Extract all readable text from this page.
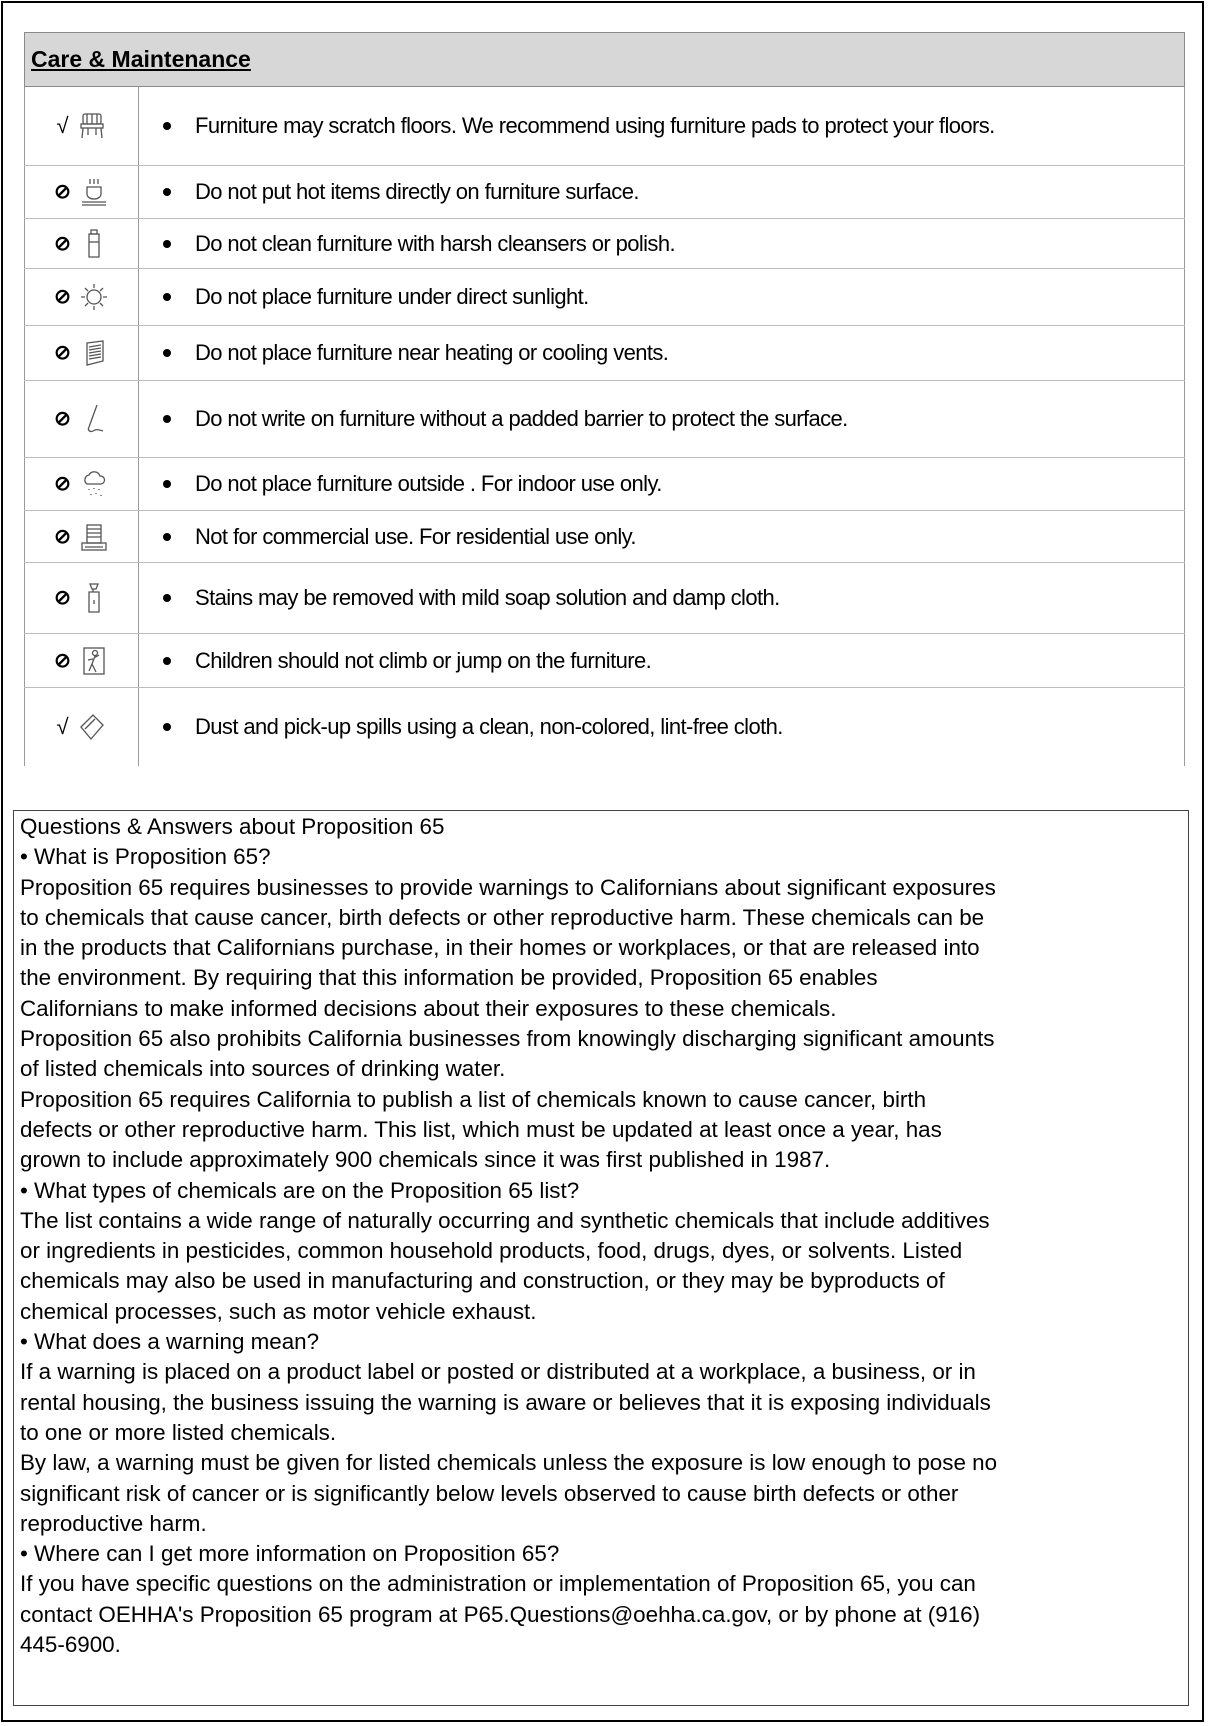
Care & Maintenance
√	Furniture may scratch floors. We recommend using furniture pads to protect your floors.
⊘	Do not put hot items directly on furniture surface.
⊘	Do not clean furniture with harsh cleansers or polish.
⊘	Do not place furniture under direct sunlight.
⊘	Do not place furniture near heating or cooling vents.
⊘	Do not write on furniture without a padded barrier to protect the surface.
⊘	Do not place furniture outside . For indoor use only.
⊘	Not for commercial use. For residential use only.
⊘	Stains may be removed with mild soap solution and damp cloth.
⊘	Children should not climb or jump on the furniture.
√	Dust and pick-up spills using a clean, non-colored, lint-free cloth.

Questions & Answers about Proposition 65

• What is Proposition 65?

Proposition 65 requires businesses to provide warnings to Californians about significant exposures

to chemicals that cause cancer, birth defects or other reproductive harm. These chemicals can be

in the products that Californians purchase, in their homes or workplaces, or that are released into

the environment. By requiring that this information be provided, Proposition 65 enables

Californians to make informed decisions about their exposures to these chemicals.

Proposition 65 also prohibits California businesses from knowingly discharging significant amounts

of listed chemicals into sources of drinking water.

Proposition 65 requires California to publish a list of chemicals known to cause cancer, birth

defects or other reproductive harm. This list, which must be updated at least once a year, has

grown to include approximately 900 chemicals since it was first published in 1987.

• What types of chemicals are on the Proposition 65 list?

The list contains a wide range of naturally occurring and synthetic chemicals that include additives

or ingredients in pesticides, common household products, food, drugs, dyes, or solvents. Listed

chemicals may also be used in manufacturing and construction, or they may be byproducts of

chemical processes, such as motor vehicle exhaust.

• What does a warning mean?

If a warning is placed on a product label or posted or distributed at a workplace, a business, or in

rental housing, the business issuing the warning is aware or believes that it is exposing individuals

to one or more listed chemicals.

By law, a warning must be given for listed chemicals unless the exposure is low enough to pose no

significant risk of cancer or is significantly below levels observed to cause birth defects or other

reproductive harm.

• Where can I get more information on Proposition 65?

If you have specific questions on the administration or implementation of Proposition 65, you can

contact OEHHA's Proposition 65 program at P65.Questions@oehha.ca.gov, or by phone at (916)

445-6900.
